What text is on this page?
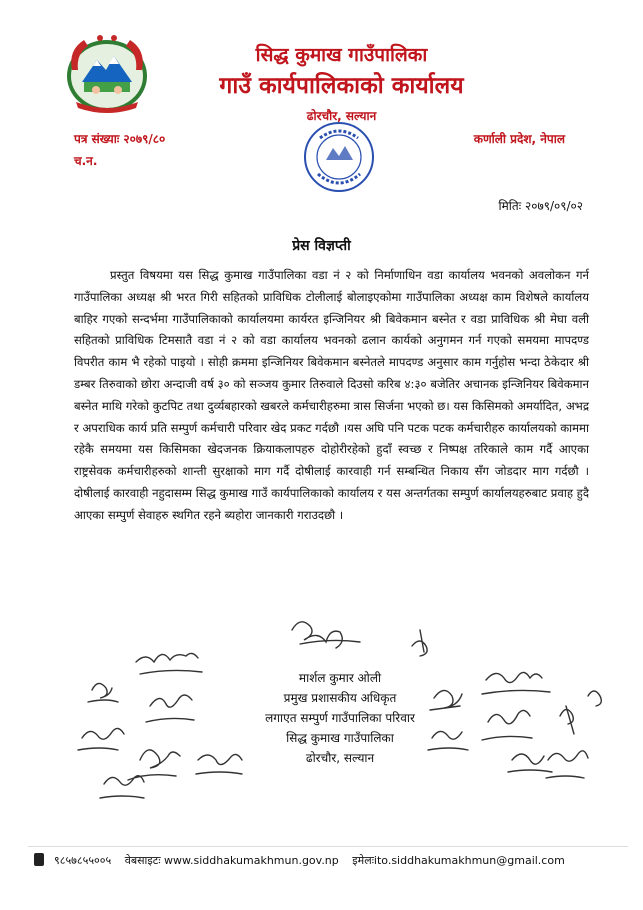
सिद्ध कुमाख गाउँपालिका
गाउँ कार्यपालिकाको कार्यालय
ढोरचौर, सल्यान
पत्र संख्याः २०७९/८०
च.न.
कर्णाली प्रदेश, नेपाल
मितिः २०७९/०९/०२
प्रेस विज्ञप्ती

प्रस्तुत विषयमा यस सिद्ध कुमाख गाउँपालिका वडा नं २ को निर्माणाधिन वडा कार्यालय भवनको अवलोकन गर्न गाउँपालिका अध्यक्ष श्री भरत गिरी सहितको प्राविधिक टोलीलाई बोलाइएकोमा गाउँपालिका अध्यक्ष काम विशेषले कार्यालय बाहिर गएको सन्दर्भमा गाउँपालिकाको कार्यालयमा कार्यरत इन्जिनियर श्री बिवेकमान बस्नेत र वडा प्राविधिक श्री मेघा वली सहितको प्राविधिक टिमसातै वडा नं २ को वडा कार्यालय भवनको ढलान कार्यको अनुगमन गर्न गएको समयमा मापदण्ड विपरीत काम भै रहेको पाइयो । सोही क्रममा इन्जिनियर बिवेकमान बस्नेतले मापदण्ड अनुसार काम गर्नुहोस भन्दा ठेकेदार श्री डम्बर तिरुवाको छोरा अन्दाजी वर्ष ३० को सञ्जय कुमार तिरुवाले दिउसो करिब ४:३० बजेतिर अचानक इन्जिनियर बिवेकमान बस्नेत माथि गरेको कुटपिट तथा दुर्व्यबहारको खबरले कर्मचारीहरुमा त्रास सिर्जना भएको छ। यस किसिमको अमर्यादित, अभद्र र अपराधिक कार्य प्रति सम्पुर्ण कर्मचारी परिवार खेद प्रकट गर्दछौ ।यस अघि पनि पटक पटक कर्मचारीहरु कार्यालयको काममा रहेकै समयमा यस किसिमका खेदजनक क्रियाकलापहरु दोहोरीरहेको हुदाँ स्वच्छ र निष्पक्ष तरिकाले काम गर्दै आएका राष्ट्रसेवक कर्मचारीहरुको शान्ती सुरक्षाको माग गर्दै दोषीलाई कारवाही गर्न सम्बन्धित निकाय सँग जोडदार माग गर्दछौ । दोषीलाई कारवाही नहुदासम्म सिद्ध कुमाख गाउँ कार्यपालिकाको कार्यालय र यस अन्तर्गतका सम्पुर्ण कार्यालयहरुबाट प्रवाह हुदै आएका सम्पुर्ण सेवाहरु स्थगित रहने ब्यहोरा जानकारी गराउदछौ ।

मार्शल कुमार ओली
प्रमुख प्रशासकीय अधिकृत
लगाएत सम्पुर्ण गाउँपालिका परिवार
सिद्ध कुमाख गाउँपालिका
ढोरचौर, सल्यान
९८५७८५५००५ वेबसाइटः www.siddhakumakhmun.gov.np इमेलःito.siddhakumakhmun@gmail.com
